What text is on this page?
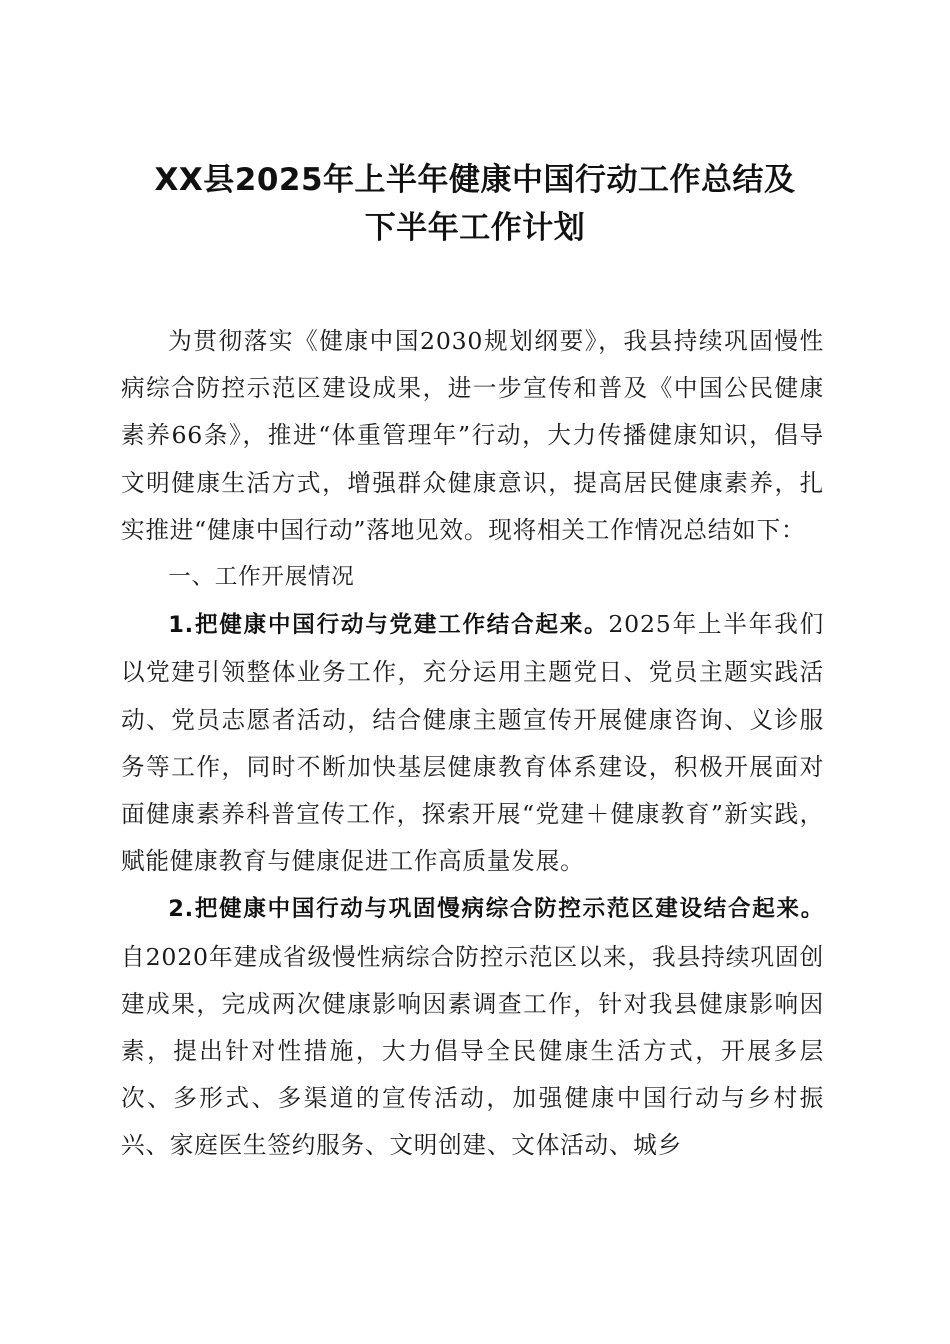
XX县2025年上半年健康中国行动工作总结及
下半年工作计划

为贯彻落实《健康中国2030规划纲要》，我县持续巩固慢性病综合防控示范区建设成果，进一步宣传和普及《中国公民健康素养66条》，推进“体重管理年”行动，大力传播健康知识，倡导文明健康生活方式，增强群众健康意识，提高居民健康素养，扎实推进“健康中国行动”落地见效。现将相关工作情况总结如下：

一、工作开展情况

1.把健康中国行动与党建工作结合起来。2025年上半年我们以党建引领整体业务工作，充分运用主题党日、党员主题实践活动、党员志愿者活动，结合健康主题宣传开展健康咨询、义诊服务等工作，同时不断加快基层健康教育体系建设，积极开展面对面健康素养科普宣传工作，探索开展“党建＋健康教育”新实践，赋能健康教育与健康促进工作高质量发展。

2.把健康中国行动与巩固慢病综合防控示范区建设结合起来。自2020年建成省级慢性病综合防控示范区以来，我县持续巩固创建成果，完成两次健康影响因素调查工作，针对我县健康影响因素，提出针对性措施，大力倡导全民健康生活方式，开展多层次、多形式、多渠道的宣传活动，加强健康中国行动与乡村振兴、家庭医生签约服务、文明创建、文体活动、城乡
